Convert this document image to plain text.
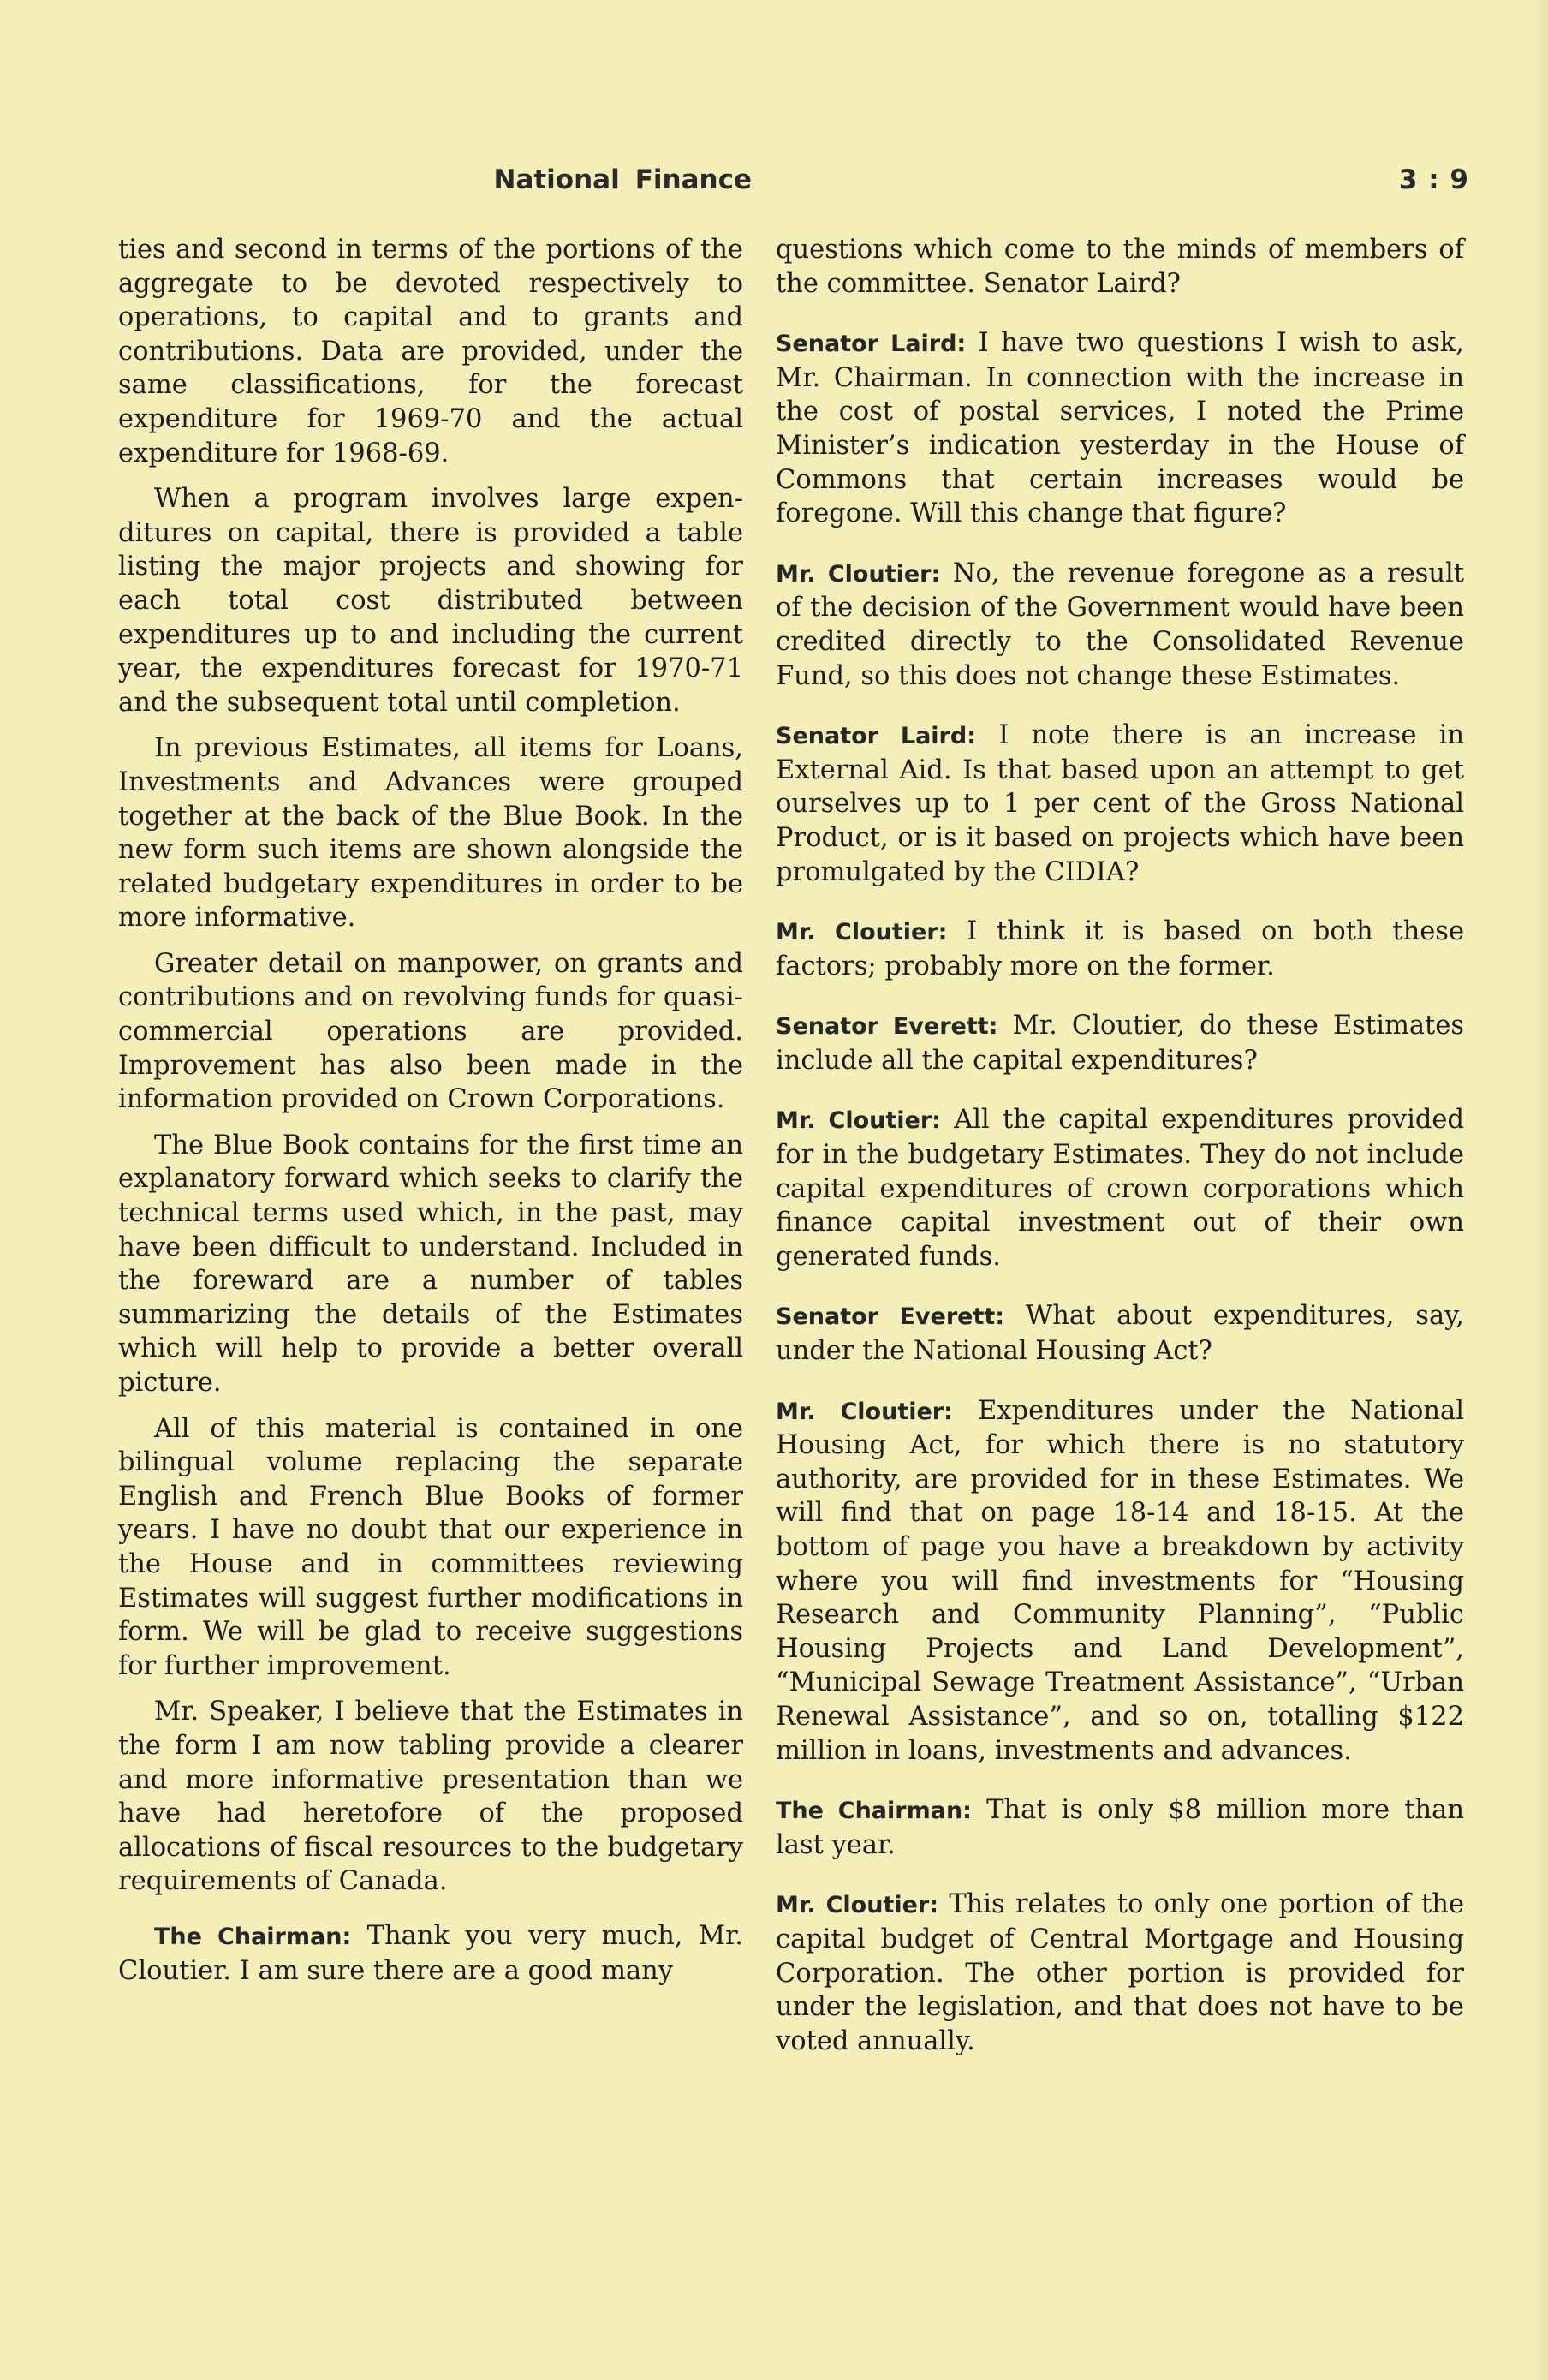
National Finance	3 : 9

ties and second in terms of the portions of the aggregate to be devoted respectively to operations, to capital and to grants and contributions. Data are provided, under the same classifications, for the forecast expenditure for 1969-70 and the actual expenditure for 1968-69.

When a program involves large expenditures on capital, there is provided a table listing the major projects and showing for each total cost distributed between expenditures up to and including the current year, the expenditures forecast for 1970-71 and the subsequent total until completion.

In previous Estimates, all items for Loans, Investments and Advances were grouped together at the back of the Blue Book. In the new form such items are shown alongside the related budgetary expenditures in order to be more informative.

Greater detail on manpower, on grants and contributions and on revolving funds for quasi-commercial operations are provided. Improvement has also been made in the information provided on Crown Corporations.

The Blue Book contains for the first time an explanatory forward which seeks to clarify the technical terms used which, in the past, may have been difficult to understand. Included in the foreward are a number of tables summarizing the details of the Estimates which will help to provide a better overall picture.

All of this material is contained in one bilingual volume replacing the separate English and French Blue Books of former years. I have no doubt that our experience in the House and in committees reviewing Estimates will suggest further modifications in form. We will be glad to receive suggestions for further improvement.

Mr. Speaker, I believe that the Estimates in the form I am now tabling provide a clearer and more informative presentation than we have had heretofore of the proposed allocations of fiscal resources to the budgetary requirements of Canada.

The Chairman: Thank you very much, Mr. Cloutier. I am sure there are a good many

questions which come to the minds of members of the committee. Senator Laird?

Senator Laird: I have two questions I wish to ask, Mr. Chairman. In connection with the increase in the cost of postal services, I noted the Prime Minister’s indication yesterday in the House of Commons that certain increases would be foregone. Will this change that figure?

Mr. Cloutier: No, the revenue foregone as a result of the decision of the Government would have been credited directly to the Consolidated Revenue Fund, so this does not change these Estimates.

Senator Laird: I note there is an increase in External Aid. Is that based upon an attempt to get ourselves up to 1 per cent of the Gross National Product, or is it based on projects which have been promulgated by the CIDIA?

Mr. Cloutier: I think it is based on both these factors; probably more on the former.

Senator Everett: Mr. Cloutier, do these Estimates include all the capital expenditures?

Mr. Cloutier: All the capital expenditures provided for in the budgetary Estimates. They do not include capital expenditures of crown corporations which finance capital investment out of their own generated funds.

Senator Everett: What about expenditures, say, under the National Housing Act?

Mr. Cloutier: Expenditures under the National Housing Act, for which there is no statutory authority, are provided for in these Estimates. We will find that on page 18-14 and 18-15. At the bottom of page you have a breakdown by activity where you will find investments for “Housing Research and Community Planning”, “Public Housing Projects and Land Development”, “Municipal Sewage Treatment Assistance”, “Urban Renewal Assistance”, and so on, totalling $122 million in loans, investments and advances.

The Chairman: That is only $8 million more than last year.

Mr. Cloutier: This relates to only one portion of the capital budget of Central Mortgage and Housing Corporation. The other portion is provided for under the legislation, and that does not have to be voted annually.
